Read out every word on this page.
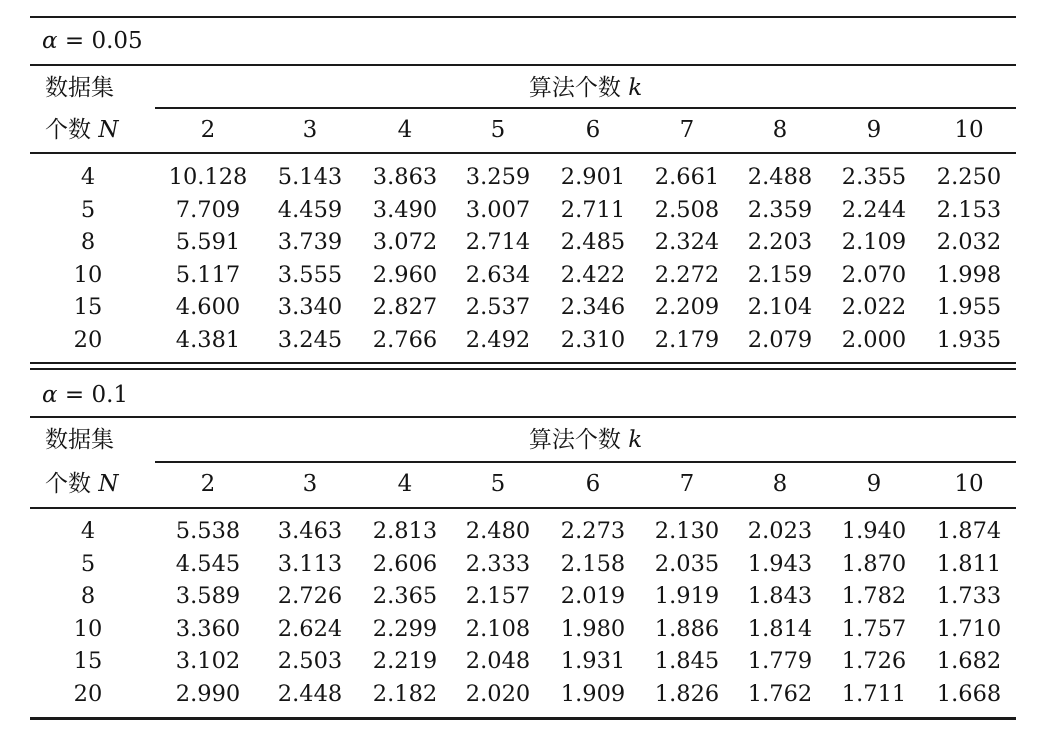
α = 0.05
数据集
个数 N
算法个数 k
2	3	4	5	6	7	8	9	10
4	10.128	5.143	3.863	3.259	2.901	2.661	2.488	2.355	2.250
5	7.709	4.459	3.490	3.007	2.711	2.508	2.359	2.244	2.153
8	5.591	3.739	3.072	2.714	2.485	2.324	2.203	2.109	2.032
10	5.117	3.555	2.960	2.634	2.422	2.272	2.159	2.070	1.998
15	4.600	3.340	2.827	2.537	2.346	2.209	2.104	2.022	1.955
20	4.381	3.245	2.766	2.492	2.310	2.179	2.079	2.000	1.935
α = 0.1
数据集
个数 N
算法个数 k
2	3	4	5	6	7	8	9	10
4	5.538	3.463	2.813	2.480	2.273	2.130	2.023	1.940	1.874
5	4.545	3.113	2.606	2.333	2.158	2.035	1.943	1.870	1.811
8	3.589	2.726	2.365	2.157	2.019	1.919	1.843	1.782	1.733
10	3.360	2.624	2.299	2.108	1.980	1.886	1.814	1.757	1.710
15	3.102	2.503	2.219	2.048	1.931	1.845	1.779	1.726	1.682
20	2.990	2.448	2.182	2.020	1.909	1.826	1.762	1.711	1.668
